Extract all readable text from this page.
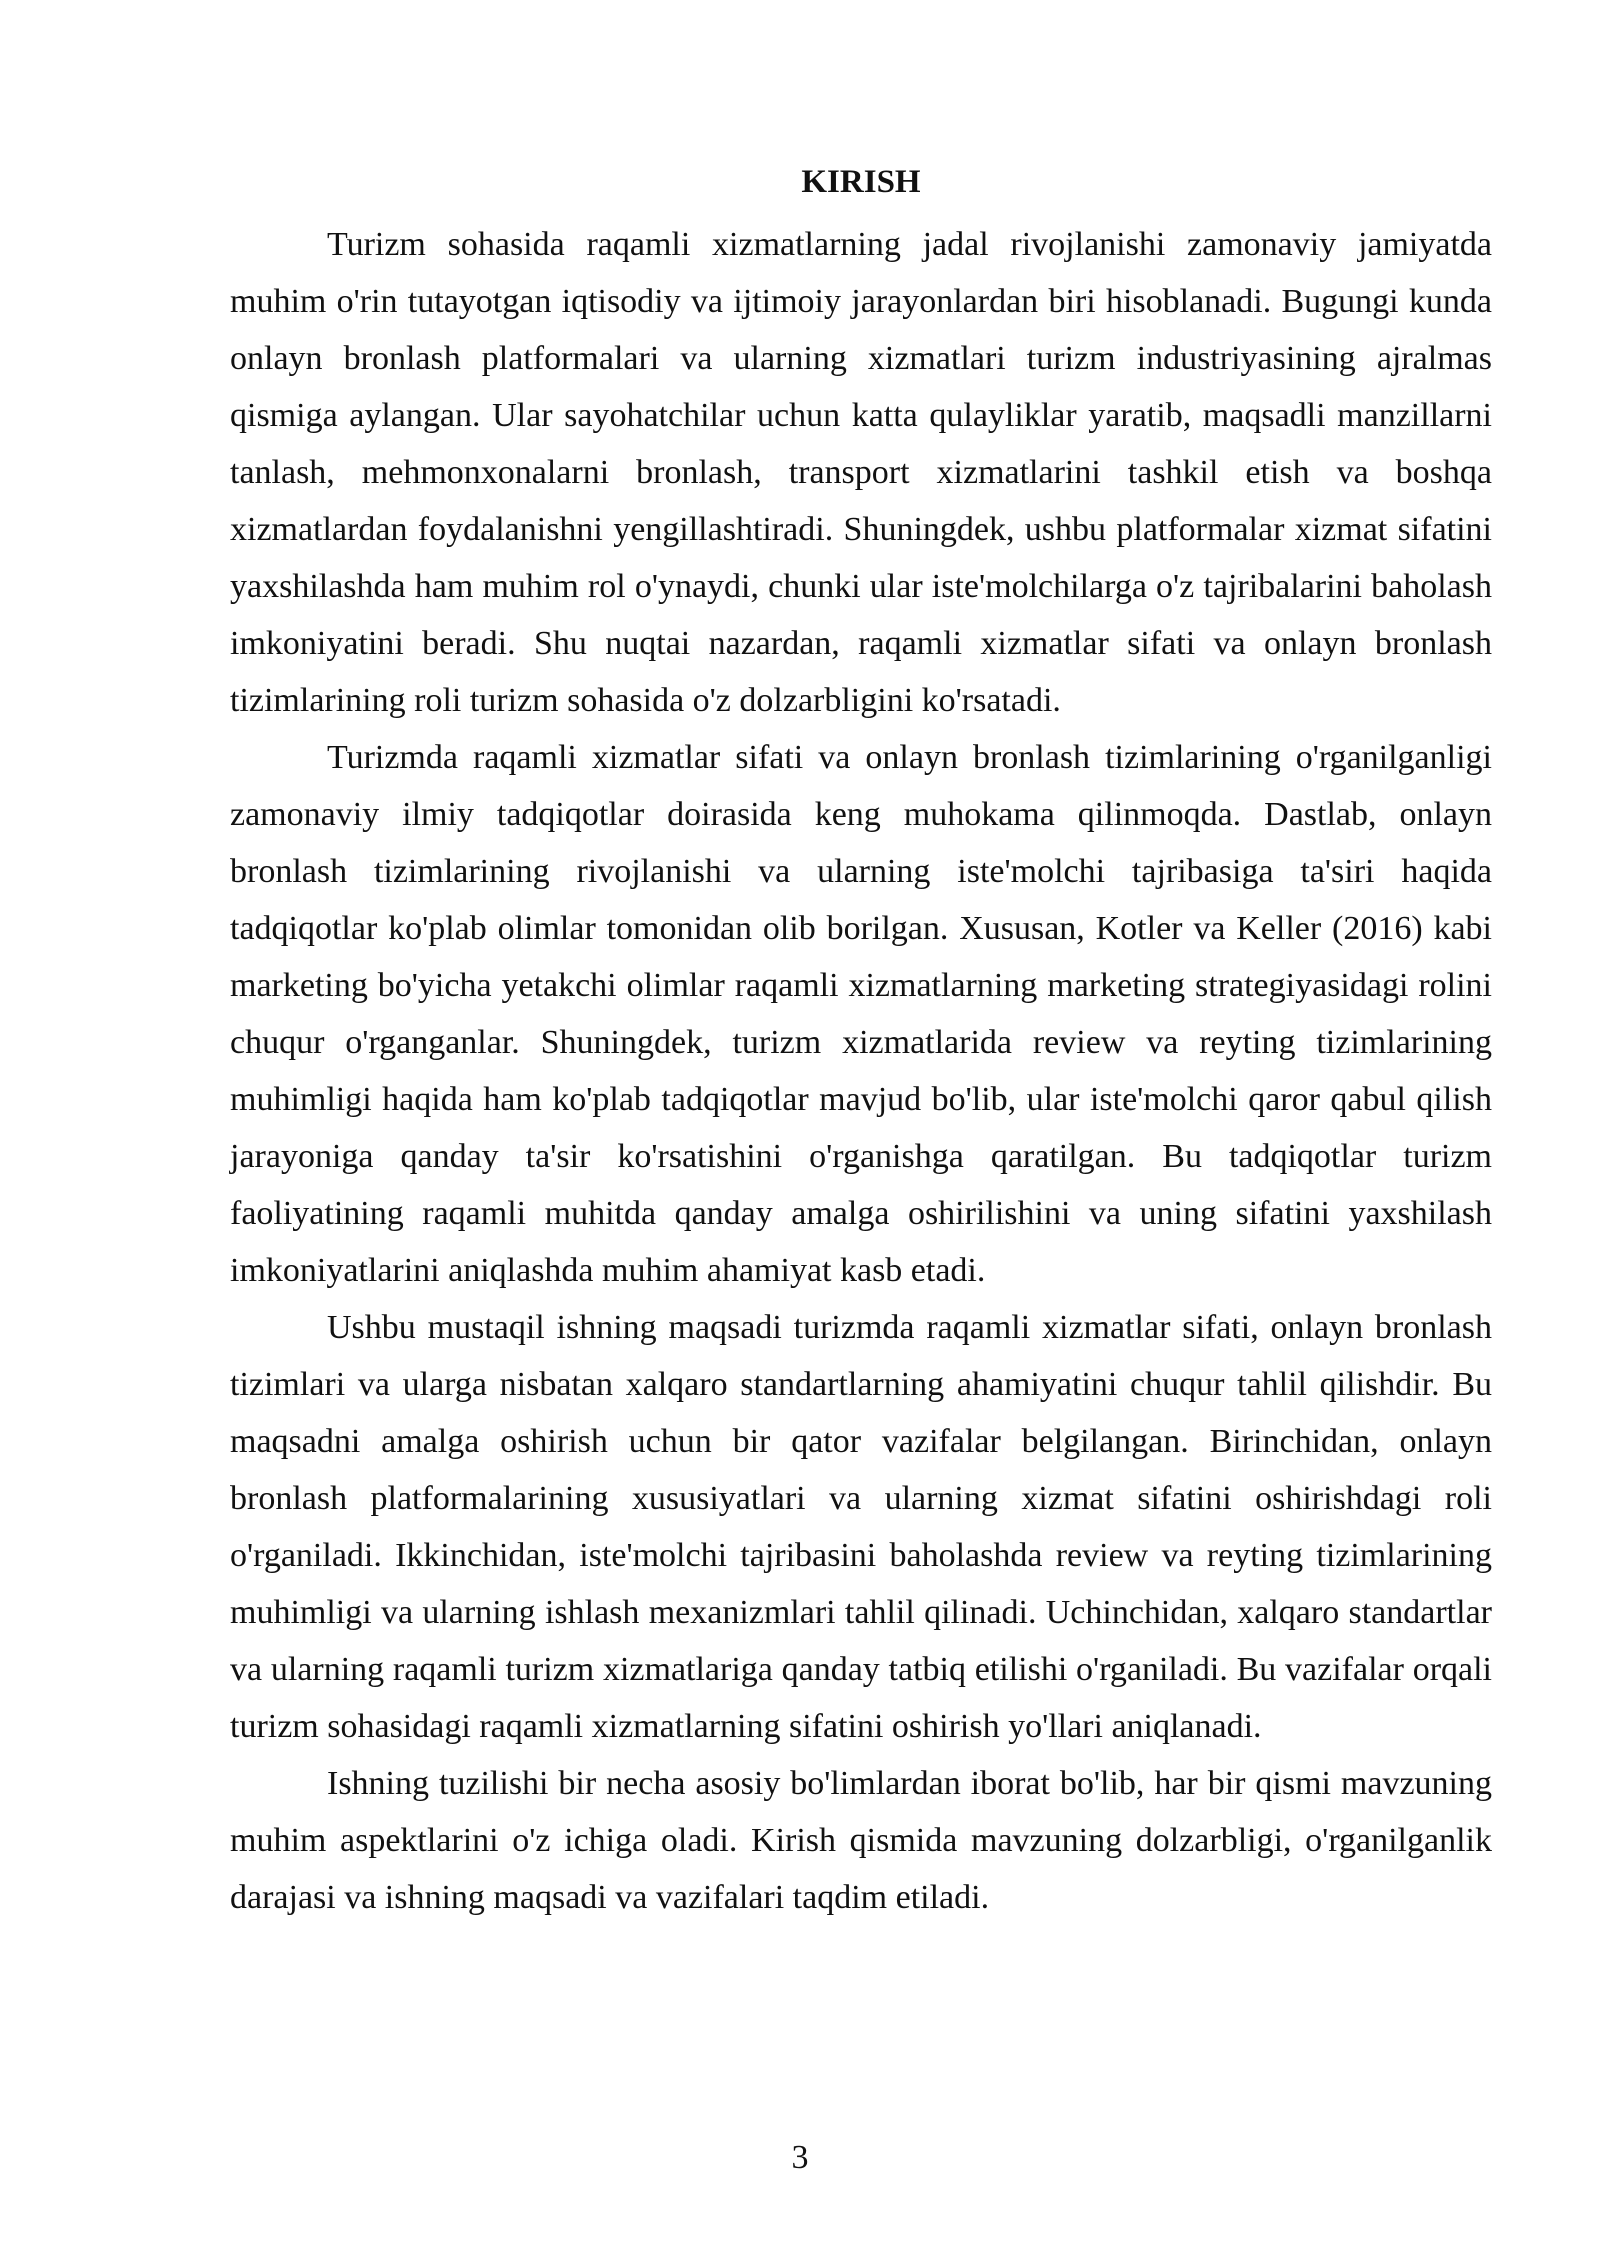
KIRISH

Turizm sohasida raqamli xizmatlarning jadal rivojlanishi zamonaviy jamiyatda muhim o'rin tutayotgan iqtisodiy va ijtimoiy jarayonlardan biri hisoblanadi. Bugungi kunda onlayn bronlash platformalari va ularning xizmatlari turizm industriyasining ajralmas qismiga aylangan. Ular sayohatchilar uchun katta qulayliklar yaratib, maqsadli manzillarni tanlash, mehmonxonalarni bronlash, transport xizmatlarini tashkil etish va boshqa xizmatlardan foydalanishni yengillashtiradi. Shuningdek, ushbu platformalar xizmat sifatini yaxshilashda ham muhim rol o'ynaydi, chunki ular iste'molchilarga o'z tajribalarini baholash imkoniyatini beradi. Shu nuqtai nazardan, raqamli xizmatlar sifati va onlayn bronlash tizimlarining roli turizm sohasida o'z dolzarbligini ko'rsatadi.

Turizmda raqamli xizmatlar sifati va onlayn bronlash tizimlarining o'rganilganligi zamonaviy ilmiy tadqiqotlar doirasida keng muhokama qilinmoqda. Dastlab, onlayn bronlash tizimlarining rivojlanishi va ularning iste'molchi tajribasiga ta'siri haqida tadqiqotlar ko'plab olimlar tomonidan olib borilgan. Xususan, Kotler va Keller (2016) kabi marketing bo'yicha yetakchi olimlar raqamli xizmatlarning marketing strategiyasidagi rolini chuqur o'rganganlar. Shuningdek, turizm xizmatlarida review va reyting tizimlarining muhimligi haqida ham ko'plab tadqiqotlar mavjud bo'lib, ular iste'molchi qaror qabul qilish jarayoniga qanday ta'sir ko'rsatishini o'rganishga qaratilgan. Bu tadqiqotlar turizm faoliyatining raqamli muhitda qanday amalga oshirilishini va uning sifatini yaxshilash imkoniyatlarini aniqlashda muhim ahamiyat kasb etadi.

Ushbu mustaqil ishning maqsadi turizmda raqamli xizmatlar sifati, onlayn bronlash tizimlari va ularga nisbatan xalqaro standartlarning ahamiyatini chuqur tahlil qilishdir. Bu maqsadni amalga oshirish uchun bir qator vazifalar belgilangan. Birinchidan, onlayn bronlash platformalarining xususiyatlari va ularning xizmat sifatini oshirishdagi roli o'rganiladi. Ikkinchidan, iste'molchi tajribasini baholashda review va reyting tizimlarining muhimligi va ularning ishlash mexanizmlari tahlil qilinadi. Uchinchidan, xalqaro standartlar va ularning raqamli turizm xizmatlariga qanday tatbiq etilishi o'rganiladi. Bu vazifalar orqali turizm sohasidagi raqamli xizmatlarning sifatini oshirish yo'llari aniqlanadi.

Ishning tuzilishi bir necha asosiy bo'limlardan iborat bo'lib, har bir qismi mavzuning muhim aspektlarini o'z ichiga oladi. Kirish qismida mavzuning dolzarbligi, o'rganilganlik darajasi va ishning maqsadi va vazifalari taqdim etiladi.

3
